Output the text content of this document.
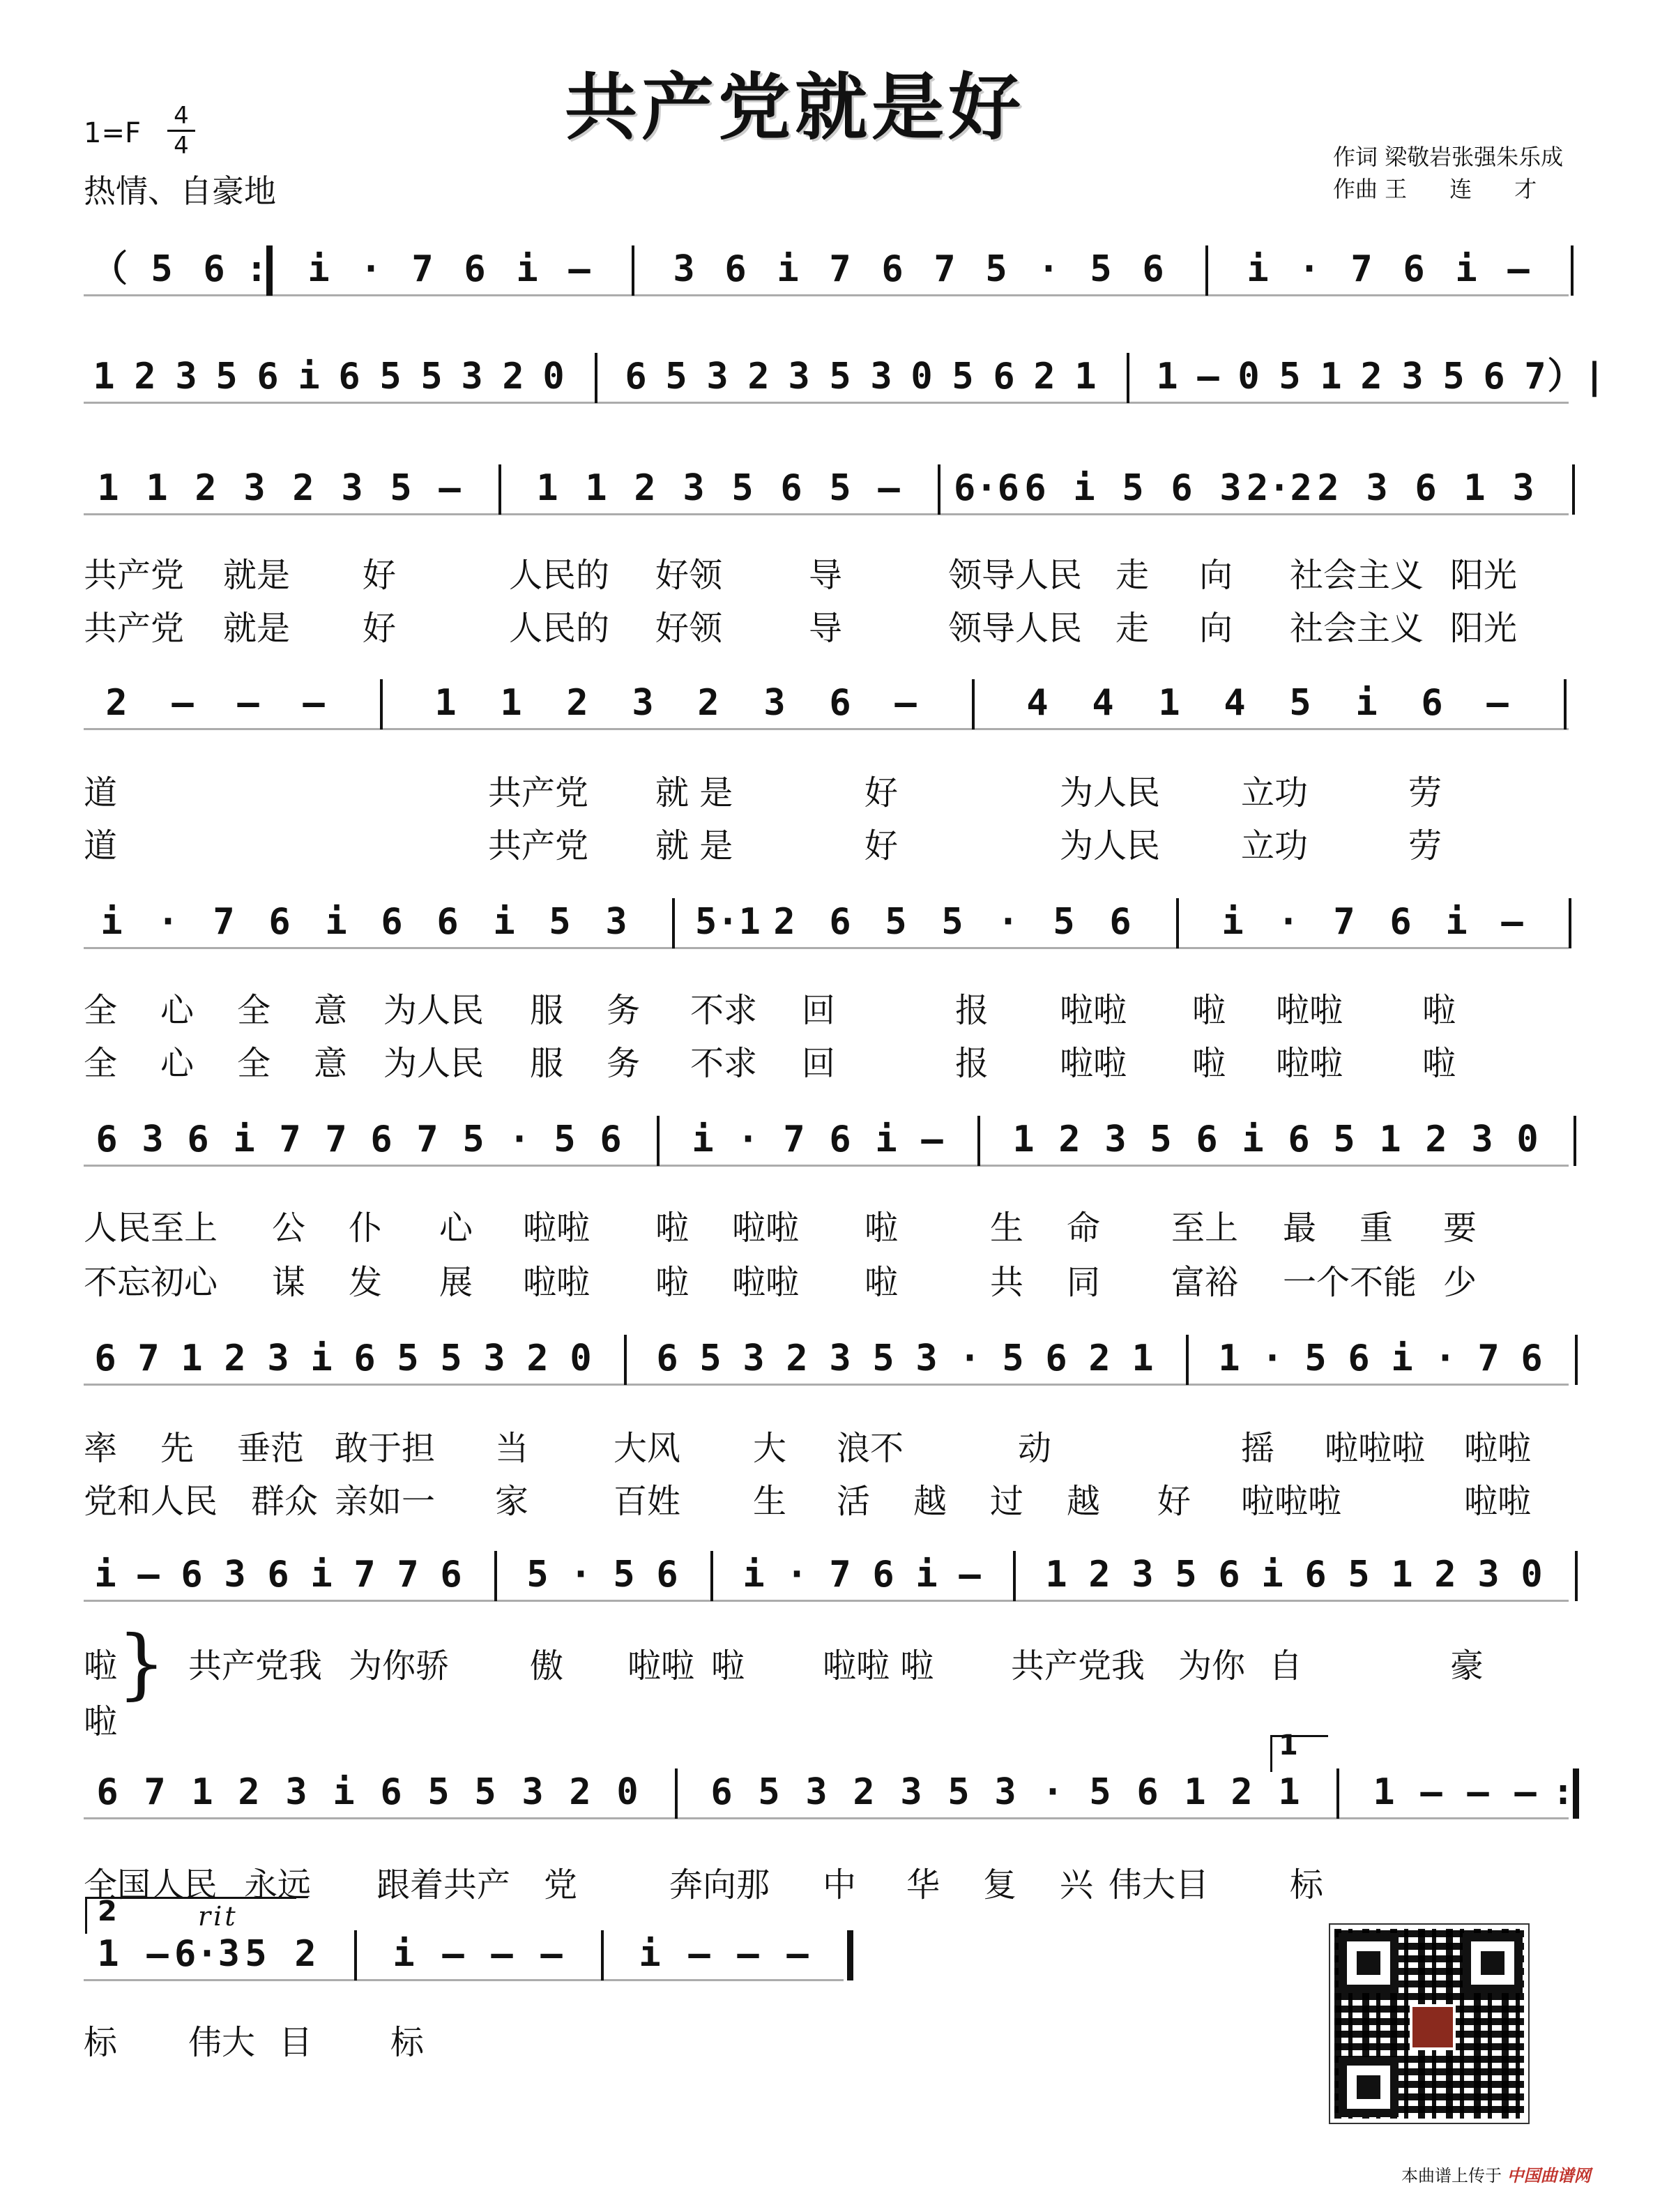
共产党就是好
1=F
4
4
热情、自豪地
作词 梁敬岩张强朱乐成
作曲 王      连      才
（ 5 6 : i · 7 6 i – 3 6 i 7 6 7 5 · 5 6 i · 7 6 i –
1 2 3 5 6 i 6 5 5 3 2 0 6 5 3 2 3 5 3 0 5 6 2 1 1 – 0 5 1 2 3 5 6 7 ）|
1 1 2 3 2 3 5 – 1 1 2 3 5 6 5 – 6·6 6 i 5 6 3 2·2 2 3 6 1 3
2 – – –	1 1 2 3 2 3 6 –	4 4 1 4 5 i 6 –
i · 7 6 i 6 6 i 5 3 5·1 2 6 5 5 · 5 6 i · 7 6 i –
6 3 6 i 7 7 6 7 5 · 5 6 i · 7 6 i – 1 2 3 5 6 i 6 5 1 2 3 0
6 7 1 2 3 i 6 5 5 3 2 0 6 5 3 2 3 5 3 · 5 6 2 1 1 · 5 6 i · 7 6
i – 6 3 6 i 7 7 6 5 · 5 6 i · 7 6 i – 1 2 3 5 6 i 6 5 1 2 3 0
6 7 1 2 3 i 6 5 5 3 2 0 6 5 3 2 3 5 3 · 5 6 1 2 1 1 – – – :
1 – 6·3 5 2 i – – – i – – –
共产党 就是 好	人民的 好领	导	领导人民 走 向 社会主义 阳光
共产党 就是 好	人民的 好领	导	领导人民 走 向 社会主义 阳光
道	共产党 就 是	好	为人民 立功	劳
道	共产党 就 是	好	为人民 立功	劳
全 心 全 意 为人民 服 务 不求 回	报 啦啦 啦 啦啦 啦
全 心 全 意 为人民 服 务 不求 回	报 啦啦 啦 啦啦 啦
人民至上 公 仆 心 啦啦 啦 啦啦 啦	生 命 至上 最 重 要
不忘初心 谋 发 展 啦啦 啦 啦啦 啦	共 同 富裕 一个不能 少
率 先 垂范 敢于担 当	大风 大 浪不	动	摇 啦啦啦 啦啦
党和人民 群众 亲如一 家	百姓 生 活 越 过 越 好 啦啦啦	啦啦
啦 共产党我 为你骄 傲 啦啦 啦 啦啦 啦 共产党我 为你 自	豪
啦
}
全国人民 永远 跟着共产 党	奔向那 中 华 复 兴 伟大目 标
标 伟大 目 标
1
2	rit
本曲谱上传于 中国曲谱网
